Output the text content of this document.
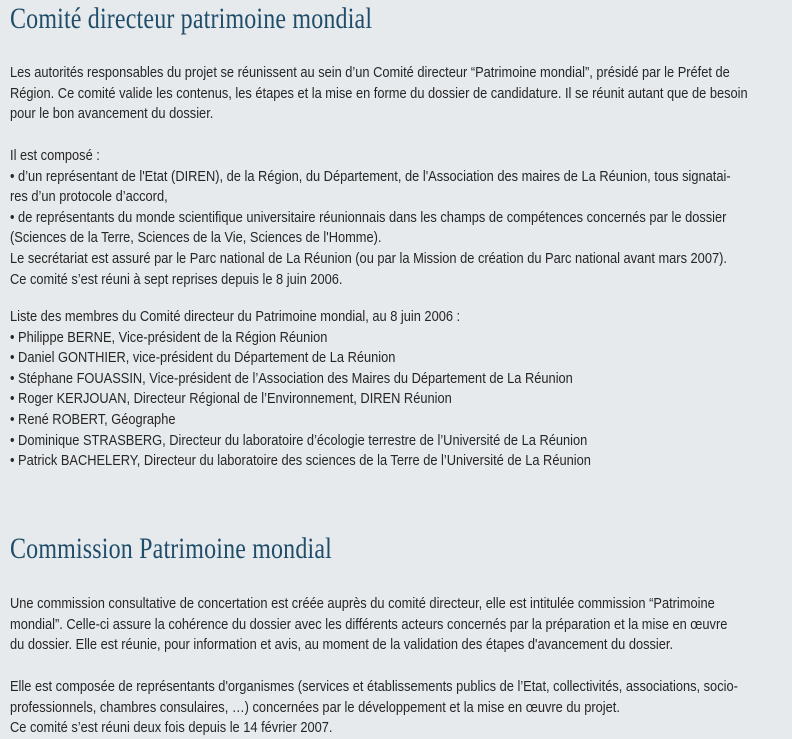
Comité directeur patrimoine mondial
Les autorités responsables du projet se réunissent au sein d’un Comité directeur “Patrimoine mondial”, présidé par le Préfet de
Région. Ce comité valide les contenus, les étapes et la mise en forme du dossier de candidature. Il se réunit autant que de besoin
pour le bon avancement du dossier.
Il est composé :
• d’un représentant de l'Etat (DIREN), de la Région, du Département, de l'Association des maires de La Réunion, tous signatai-
res d’un protocole d’accord,
• de représentants du monde scientifique universitaire réunionnais dans les champs de compétences concernés par le dossier
(Sciences de la Terre, Sciences de la Vie, Sciences de l'Homme).
Le secrétariat est assuré par le Parc national de La Réunion (ou par la Mission de création du Parc national avant mars 2007).
Ce comité s’est réuni à sept reprises depuis le 8 juin 2006.
Liste des membres du Comité directeur du Patrimoine mondial, au 8 juin 2006 :
• Philippe BERNE, Vice-président de la Région Réunion
• Daniel GONTHIER, vice-président du Département de La Réunion
• Stéphane FOUASSIN, Vice-président de l’Association des Maires du Département de La Réunion
• Roger KERJOUAN, Directeur Régional de l’Environnement, DIREN Réunion
• René ROBERT, Géographe
• Dominique STRASBERG, Directeur du laboratoire d’écologie terrestre de l’Université de La Réunion
• Patrick BACHELERY, Directeur du laboratoire des sciences de la Terre de l’Université de La Réunion
Commission Patrimoine mondial
Une commission consultative de concertation est créée auprès du comité directeur, elle est intitulée commission “Patrimoine
mondial”. Celle-ci assure la cohérence du dossier avec les différents acteurs concernés par la préparation et la mise en œuvre
du dossier. Elle est réunie, pour information et avis, au moment de la validation des étapes d'avancement du dossier.
Elle est composée de représentants d'organismes (services et établissements publics de l’Etat, collectivités, associations, socio-
professionnels, chambres consulaires, …) concernées par le développement et la mise en œuvre du projet.
Ce comité s’est réuni deux fois depuis le 14 février 2007.
